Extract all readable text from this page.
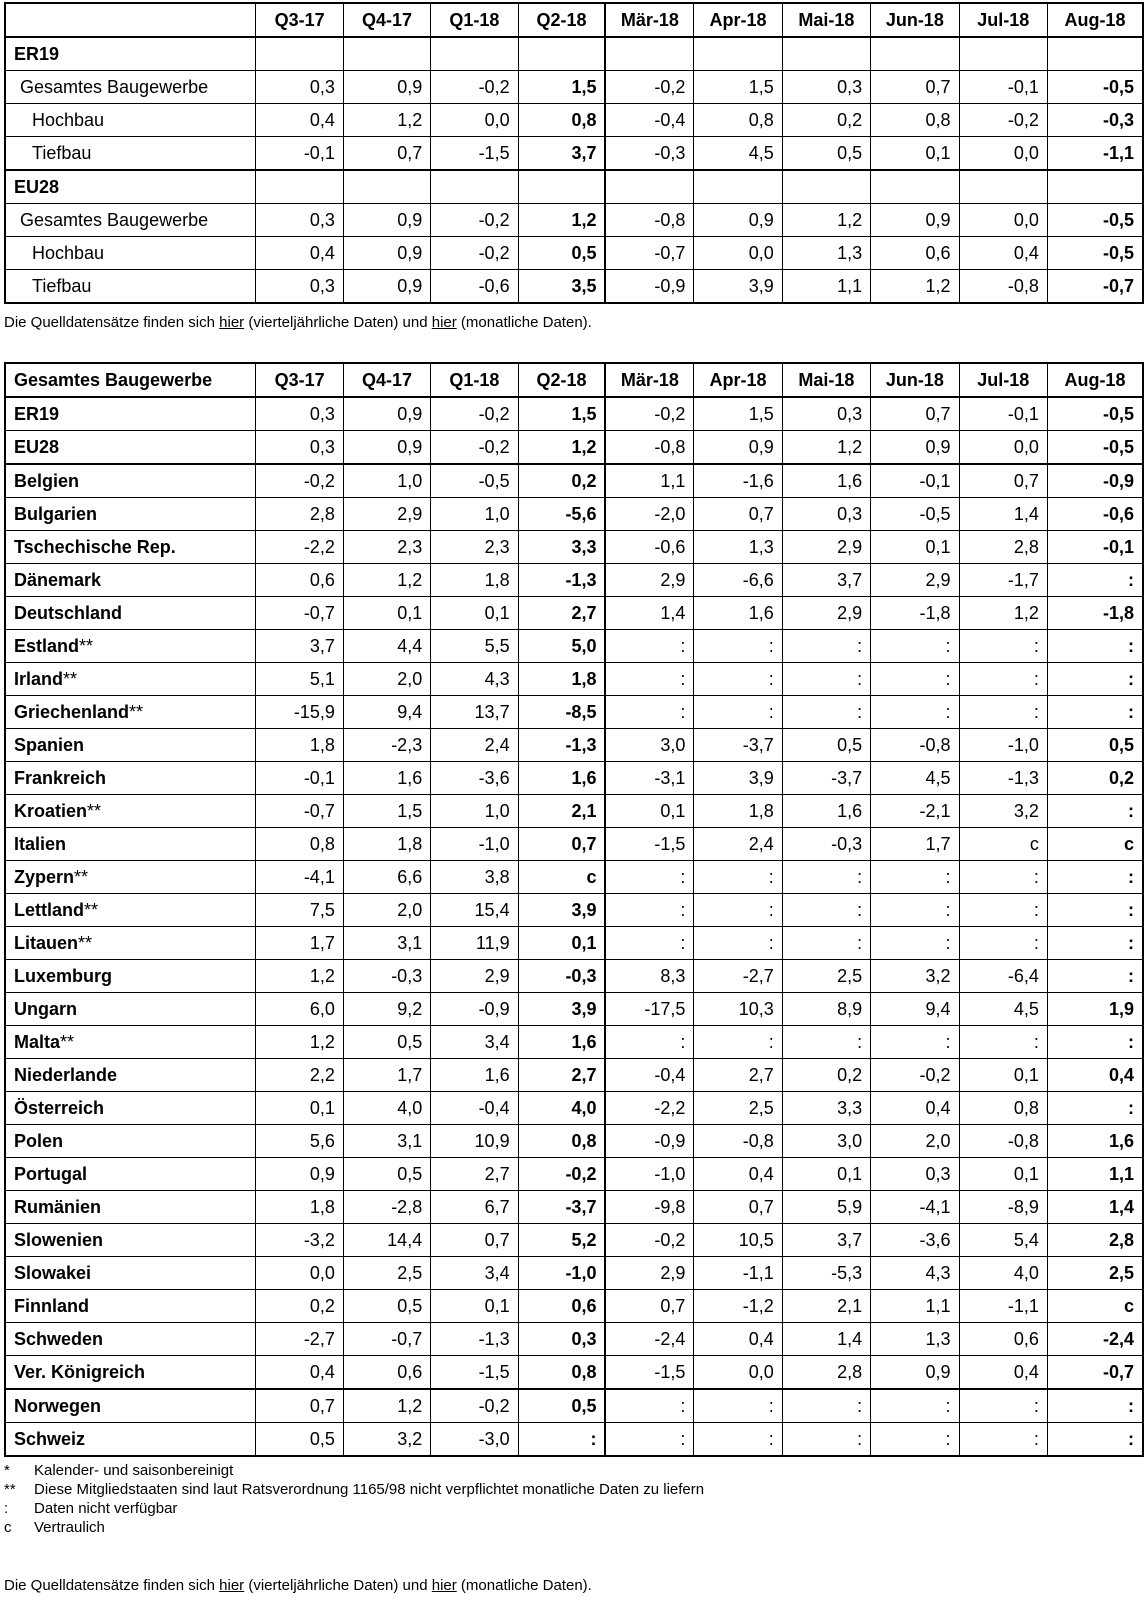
	Q3-17	Q4-17	Q1-18	Q2-18	Mär-18	Apr-18	Mai-18	Jun-18	Jul-18	Aug-18
ER19										
Gesamtes Baugewerbe	0,3	0,9	-0,2	1,5	-0,2	1,5	0,3	0,7	-0,1	-0,5
Hochbau	0,4	1,2	0,0	0,8	-0,4	0,8	0,2	0,8	-0,2	-0,3
Tiefbau	-0,1	0,7	-1,5	3,7	-0,3	4,5	0,5	0,1	0,0	-1,1
EU28										
Gesamtes Baugewerbe	0,3	0,9	-0,2	1,2	-0,8	0,9	1,2	0,9	0,0	-0,5
Hochbau	0,4	0,9	-0,2	0,5	-0,7	0,0	1,3	0,6	0,4	-0,5
Tiefbau	0,3	0,9	-0,6	3,5	-0,9	3,9	1,1	1,2	-0,8	-0,7
Die Quelldatensätze finden sich hier (vierteljährliche Daten) und hier (monatliche Daten).
Gesamtes Baugewerbe	Q3-17	Q4-17	Q1-18	Q2-18	Mär-18	Apr-18	Mai-18	Jun-18	Jul-18	Aug-18
ER19	0,3	0,9	-0,2	1,5	-0,2	1,5	0,3	0,7	-0,1	-0,5
EU28	0,3	0,9	-0,2	1,2	-0,8	0,9	1,2	0,9	0,0	-0,5
Belgien	-0,2	1,0	-0,5	0,2	1,1	-1,6	1,6	-0,1	0,7	-0,9
Bulgarien	2,8	2,9	1,0	-5,6	-2,0	0,7	0,3	-0,5	1,4	-0,6
Tschechische Rep.	-2,2	2,3	2,3	3,3	-0,6	1,3	2,9	0,1	2,8	-0,1
Dänemark	0,6	1,2	1,8	-1,3	2,9	-6,6	3,7	2,9	-1,7	:
Deutschland	-0,7	0,1	0,1	2,7	1,4	1,6	2,9	-1,8	1,2	-1,8
Estland**	3,7	4,4	5,5	5,0	:	:	:	:	:	:
Irland**	5,1	2,0	4,3	1,8	:	:	:	:	:	:
Griechenland**	-15,9	9,4	13,7	-8,5	:	:	:	:	:	:
Spanien	1,8	-2,3	2,4	-1,3	3,0	-3,7	0,5	-0,8	-1,0	0,5
Frankreich	-0,1	1,6	-3,6	1,6	-3,1	3,9	-3,7	4,5	-1,3	0,2
Kroatien**	-0,7	1,5	1,0	2,1	0,1	1,8	1,6	-2,1	3,2	:
Italien	0,8	1,8	-1,0	0,7	-1,5	2,4	-0,3	1,7	c	c
Zypern**	-4,1	6,6	3,8	c	:	:	:	:	:	:
Lettland**	7,5	2,0	15,4	3,9	:	:	:	:	:	:
Litauen**	1,7	3,1	11,9	0,1	:	:	:	:	:	:
Luxemburg	1,2	-0,3	2,9	-0,3	8,3	-2,7	2,5	3,2	-6,4	:
Ungarn	6,0	9,2	-0,9	3,9	-17,5	10,3	8,9	9,4	4,5	1,9
Malta**	1,2	0,5	3,4	1,6	:	:	:	:	:	:
Niederlande	2,2	1,7	1,6	2,7	-0,4	2,7	0,2	-0,2	0,1	0,4
Österreich	0,1	4,0	-0,4	4,0	-2,2	2,5	3,3	0,4	0,8	:
Polen	5,6	3,1	10,9	0,8	-0,9	-0,8	3,0	2,0	-0,8	1,6
Portugal	0,9	0,5	2,7	-0,2	-1,0	0,4	0,1	0,3	0,1	1,1
Rumänien	1,8	-2,8	6,7	-3,7	-9,8	0,7	5,9	-4,1	-8,9	1,4
Slowenien	-3,2	14,4	0,7	5,2	-0,2	10,5	3,7	-3,6	5,4	2,8
Slowakei	0,0	2,5	3,4	-1,0	2,9	-1,1	-5,3	4,3	4,0	2,5
Finnland	0,2	0,5	0,1	0,6	0,7	-1,2	2,1	1,1	-1,1	c
Schweden	-2,7	-0,7	-1,3	0,3	-2,4	0,4	1,4	1,3	0,6	-2,4
Ver. Königreich	0,4	0,6	-1,5	0,8	-1,5	0,0	2,8	0,9	0,4	-0,7
Norwegen	0,7	1,2	-0,2	0,5	:	:	:	:	:	:
Schweiz	0,5	3,2	-3,0	:	:	:	:	:	:	:
*	Kalender- und saisonbereinigt
**	Diese Mitgliedstaaten sind laut Ratsverordnung 1165/98 nicht verpflichtet monatliche Daten zu liefern
:	Daten nicht verfügbar
c	Vertraulich
Die Quelldatensätze finden sich hier (vierteljährliche Daten) und hier (monatliche Daten).
